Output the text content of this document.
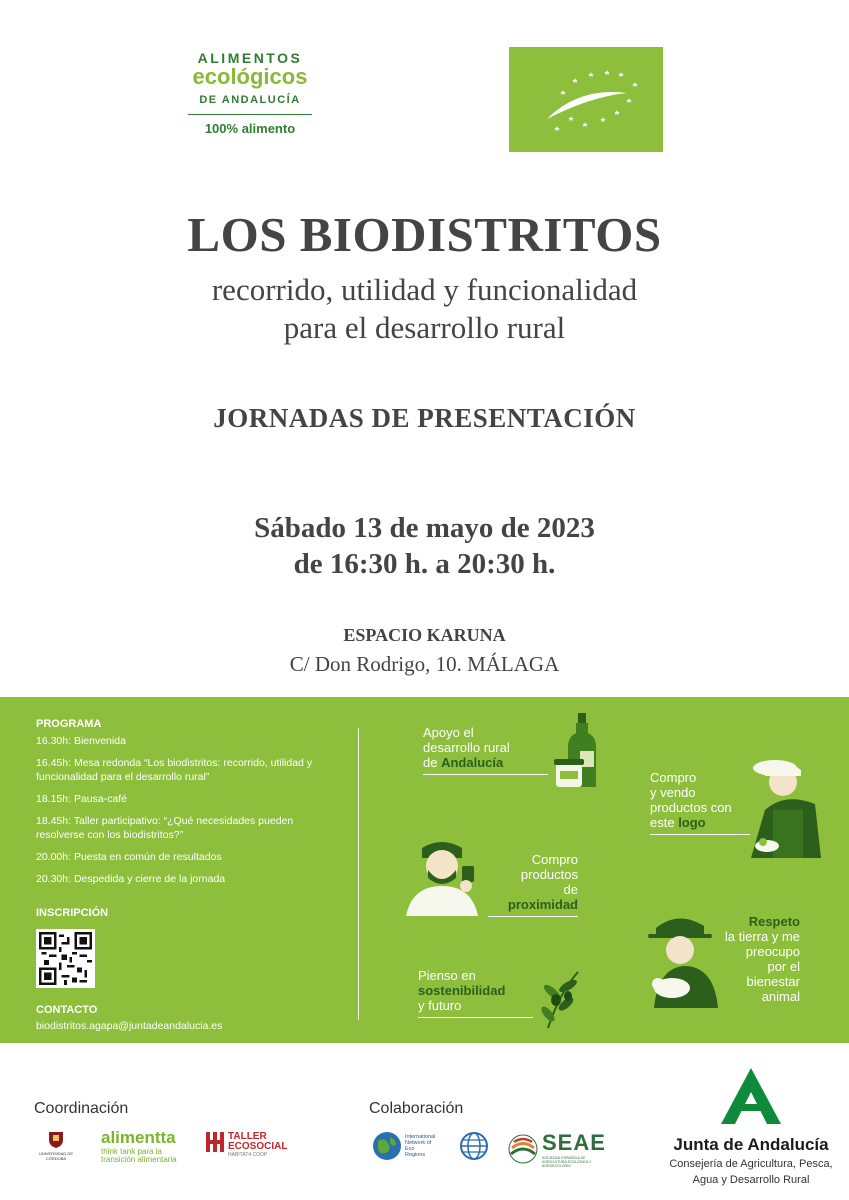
ALIMENTOS
ecológicos
DE ANDALUCÍA
100% alimento
LOS BIODISTRITOS
recorrido, utilidad y funcionalidad
para el desarrollo rural
JORNADAS DE PRESENTACIÓN
Sábado 13 de mayo de 2023
de 16:30 h. a 20:30 h.
ESPACIO KARUNA
C/ Don Rodrigo, 10. MÁLAGA
PROGRAMA
16.30h: Bienvenida
16.45h: Mesa redonda “Los biodistritos: recorrido, utilidad y funcionalidad para el desarrollo rural”
18.15h: Pausa-café
18.45h: Taller participativo: “¿Qué necesidades pueden resolverse con los biodistritos?”
20.00h: Puesta en común de resultados
20.30h: Despedida y cierre de la jornada
INSCRIPCIÓN
CONTACTO
biodistritos.agapa@juntadeandalucia.es
Apoyo el
desarrollo rural
de Andalucía
Compro
y vendo
productos con
este logo
Compro
productos
de
proximidad
Respeto
la tierra y me
preocupo
por el
bienestar
animal
Pienso en
sostenibilidad
y futuro
Coordinación	Colaboración
UNIVERSIDAD DE CÓRDOBA
alimentta
think tank para la
transición alimentaria
TALLER
ECOSOCIAL
HABITAT4 COOP
International
Network of
Eco
Regions	SEAE
SOCIEDAD ESPAÑOLA DE AGRICULTURA ECOLÓGICA Y AGROECOLOGÍA
Junta de Andalucía
Consejería de Agricultura, Pesca,
Agua y Desarrollo Rural
